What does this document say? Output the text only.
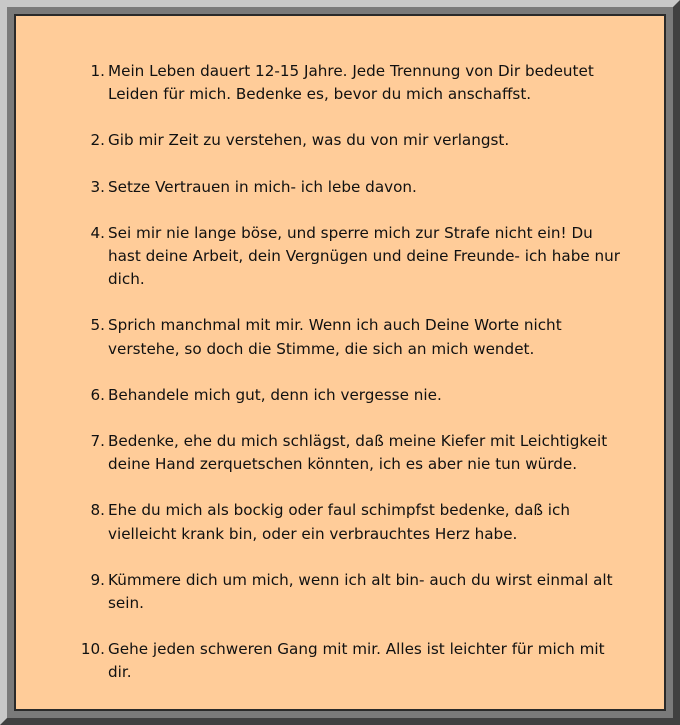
1. Mein Leben dauert 12-15 Jahre. Jede Trennung von Dir bedeutet Leiden für mich. Bedenke es, bevor du mich anschaffst.
2. Gib mir Zeit zu verstehen, was du von mir verlangst.
3. Setze Vertrauen in mich- ich lebe davon.
4. Sei mir nie lange böse, und sperre mich zur Strafe nicht ein! Du hast deine Arbeit, dein Vergnügen und deine Freunde- ich habe nur dich.
5. Sprich manchmal mit mir. Wenn ich auch Deine Worte nicht verstehe, so doch die Stimme, die sich an mich wendet.
6. Behandele mich gut, denn ich vergesse nie.
7. Bedenke, ehe du mich schlägst, daß meine Kiefer mit Leichtigkeit deine Hand zerquetschen könnten, ich es aber nie tun würde.
8. Ehe du mich als bockig oder faul schimpfst bedenke, daß ich vielleicht krank bin, oder ein verbrauchtes Herz habe.
9. Kümmere dich um mich, wenn ich alt bin- auch du wirst einmal alt sein.
10. Gehe jeden schweren Gang mit mir. Alles ist leichter für mich mit dir.
